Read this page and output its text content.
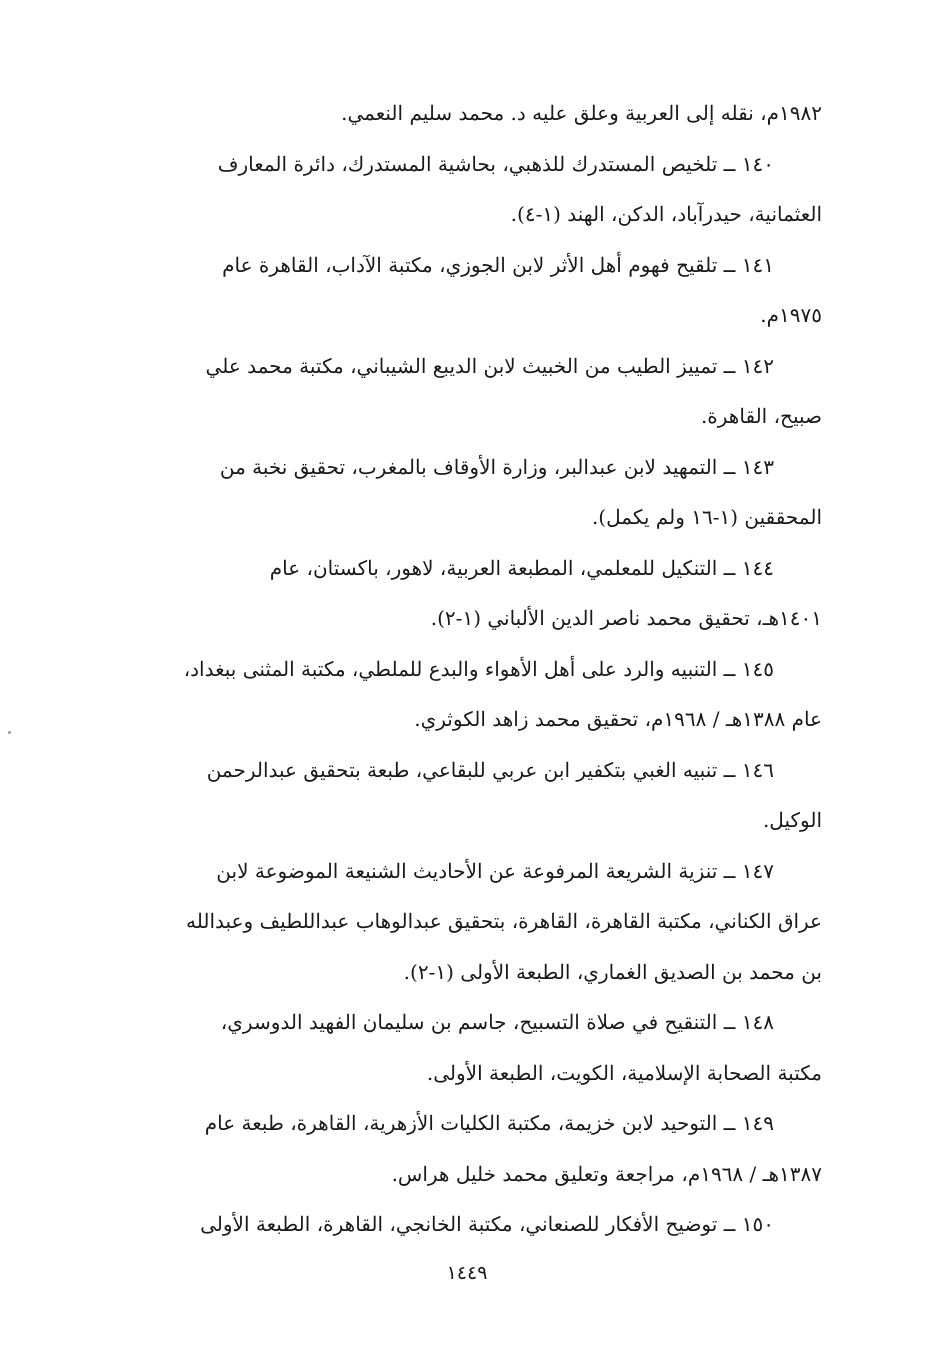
١٩٨٢م، نقله إلى العربية وعلق عليه د. محمد سليم النعمي.
١٤٠ ــ تلخيص المستدرك للذهبي، بحاشية المستدرك، دائرة المعارف
العثمانية، حيدرآباد، الدكن، الهند (١-٤).
١٤١ ــ تلقيح فهوم أهل الأثر لابن الجوزي، مكتبة الآداب، القاهرة عام
١٩٧٥م.
١٤٢ ــ تمييز الطيب من الخبيث لابن الديبع الشيباني، مكتبة محمد علي
صبيح، القاهرة.
١٤٣ ــ التمهيد لابن عبدالبر، وزارة الأوقاف بالمغرب، تحقيق نخبة من
المحققين (١-١٦ ولم يكمل).
١٤٤ ــ التنكيل للمعلمي، المطبعة العربية، لاهور، باكستان، عام
١٤٠١هـ، تحقيق محمد ناصر الدين الألباني (١-٢).
١٤٥ ــ التنبيه والرد على أهل الأهواء والبدع للملطي، مكتبة المثنى ببغداد،
عام ١٣٨٨هـ / ١٩٦٨م، تحقيق محمد زاهد الكوثري.
١٤٦ ــ تنبيه الغبي بتكفير ابن عربي للبقاعي، طبعة بتحقيق عبدالرحمن
الوكيل.
١٤٧ ــ تنزية الشريعة المرفوعة عن الأحاديث الشنيعة الموضوعة لابن
عراق الكناني، مكتبة القاهرة، القاهرة، بتحقيق عبدالوهاب عبداللطيف وعبدالله
بن محمد بن الصديق الغماري، الطبعة الأولى (١-٢).
١٤٨ ــ التنقيح في صلاة التسبيح، جاسم بن سليمان الفهيد الدوسري،
مكتبة الصحابة الإسلامية، الكويت، الطبعة الأولى.
١٤٩ ــ التوحيد لابن خزيمة، مكتبة الكليات الأزهرية، القاهرة، طبعة عام
١٣٨٧هـ / ١٩٦٨م، مراجعة وتعليق محمد خليل هراس.
١٥٠ ــ توضيح الأفكار للصنعاني، مكتبة الخانجي، القاهرة، الطبعة الأولى
١٤٤٩
